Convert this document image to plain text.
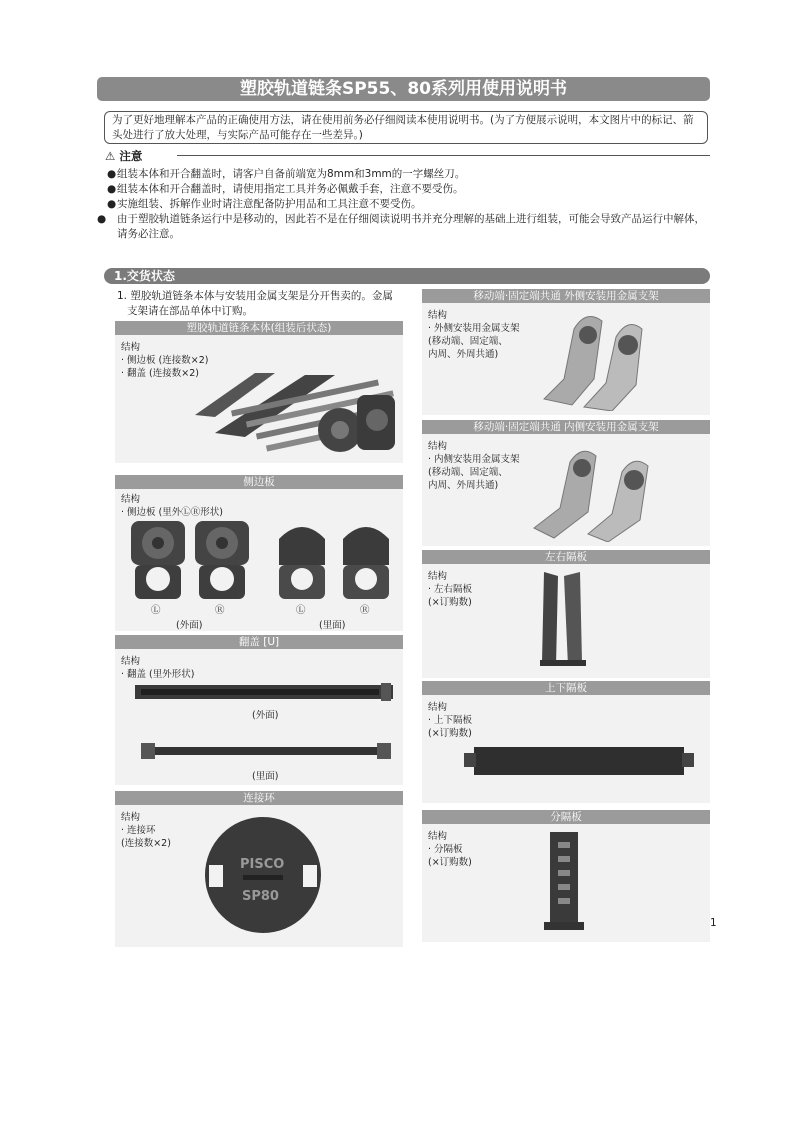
塑胶轨道链条SP55、80系列用使用说明书
为了更好地理解本产品的正确使用方法，请在使用前务必仔细阅读本使用说明书。(为了方便展示说明，本文图片中的标记、箭头处进行了放大处理，与实际产品可能存在一些差异。)
⚠ 注意
●组装本体和开合翻盖时，请客户自备前端宽为8mm和3mm的一字螺丝刀。
●组装本体和开合翻盖时，请使用指定工具并务必佩戴手套，注意不要受伤。
●实施组装、拆解作业时请注意配备防护用品和工具注意不要受伤。
● 由于塑胶轨道链条运行中是移动的，因此若不是在仔细阅读说明书并充分理解的基础上进行组装，可能会导致产品运行中解体，请务必注意。
1.交货状态
1. 塑胶轨道链条本体与安装用金属支架是分开售卖的。金属支架请在部品单体中订购。
塑胶轨道链条本体(组装后状态)
结构
· 侧边板 (连接数×2)
· 翻盖 (连接数×2)
侧边板
结构
· 侧边板 (里外ⓁⓇ形状)
Ⓛ	Ⓡ	Ⓛ	Ⓡ
(外面)	(里面)
翻盖 [U]
结构
· 翻盖 (里外形状)
(外面)
(里面)
连接环
结构
· 连接环
(连接数×2)
PISCO
SP80
移动端·固定端共通 外侧安装用金属支架
结构
· 外侧安装用金属支架
(移动端、固定端、
内周、外周共通)
移动端·固定端共通 内侧安装用金属支架
结构
· 内侧安装用金属支架
(移动端、固定端、
内周、外周共通)
左右隔板
结构
· 左右隔板
(×订购数)
上下隔板
结构
· 上下隔板
(×订购数)
分隔板
结构
· 分隔板
(×订购数)
1
